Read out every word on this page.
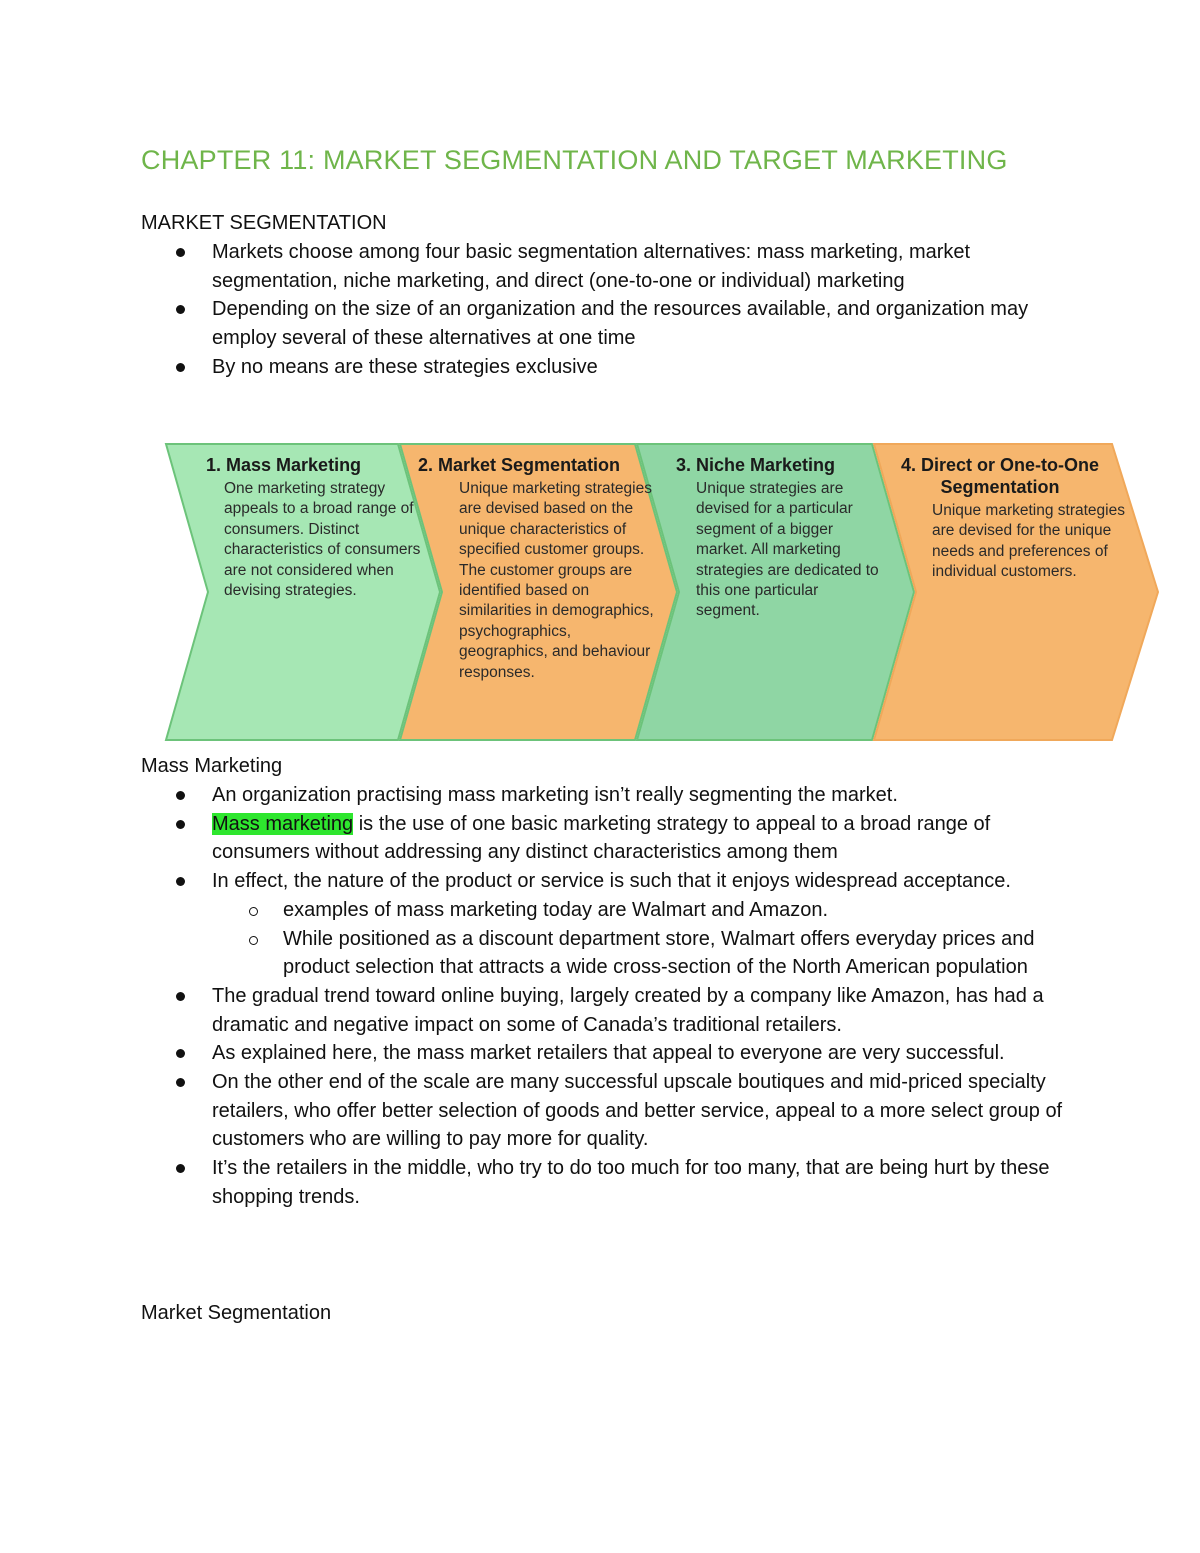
CHAPTER 11: MARKET SEGMENTATION AND TARGET MARKETING
MARKET SEGMENTATION
Markets choose among four basic segmentation alternatives: mass marketing, market segmentation, niche marketing, and direct (one-to-one or individual) marketing
Depending on the size of an organization and the resources available, and organization may employ several of these alternatives at one time
By no means are these strategies exclusive
1. Mass Marketing
One marketing strategy appeals to a broad range of consumers. Distinct characteristics of consumers are not considered when devising strategies.
2. Market Segmentation
Unique marketing strategies are devised based on the unique characteristics of specified customer groups. The customer groups are identified based on similarities in demographics, psychographics, geographics, and behaviour responses.
3. Niche Marketing
Unique strategies are devised for a particular segment of a bigger market. All marketing strategies are dedicated to this one particular segment.
4. Direct or One-to-One Segmentation
Unique marketing strategies are devised for the unique needs and preferences of individual customers.
Mass Marketing
An organization practising mass marketing isn’t really segmenting the market.
Mass marketing is the use of one basic marketing strategy to appeal to a broad range of consumers without addressing any distinct characteristics among them
In effect, the nature of the product or service is such that it enjoys widespread acceptance.
examples of mass marketing today are Walmart and Amazon.
While positioned as a discount department store, Walmart offers everyday prices and product selection that attracts a wide cross-section of the North American population
The gradual trend toward online buying, largely created by a company like Amazon, has had a dramatic and negative impact on some of Canada’s traditional retailers.
As explained here, the mass market retailers that appeal to everyone are very successful.
On the other end of the scale are many successful upscale boutiques and mid-priced specialty retailers, who offer better selection of goods and better service, appeal to a more select group of customers who are willing to pay more for quality.
It’s the retailers in the middle, who try to do too much for too many, that are being hurt by these shopping trends.
Market Segmentation
